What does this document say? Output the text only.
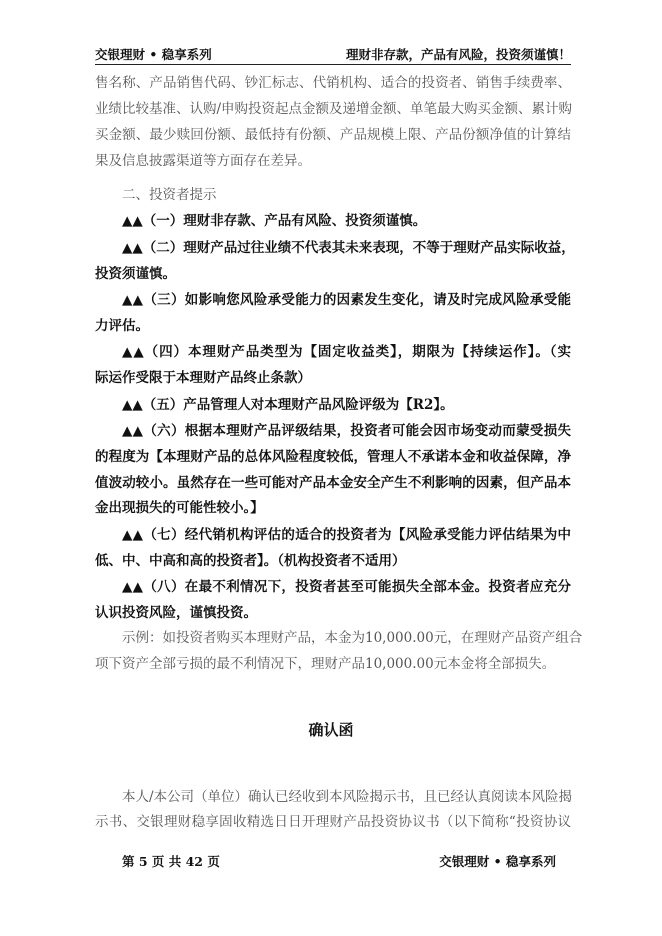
交银理财 • 稳享系列	理财非存款，产品有风险，投资须谨慎！
售名称、产品销售代码、钞汇标志、代销机构、适合的投资者、销售手续费率、
业绩比较基准、认购/申购投资起点金额及递增金额、单笔最大购买金额、累计购
买金额、最少赎回份额、最低持有份额、产品规模上限、产品份额净值的计算结
果及信息披露渠道等方面存在差异。
二、投资者提示
▲▲（一）理财非存款、产品有风险、投资须谨慎。
▲▲（二）理财产品过往业绩不代表其未来表现，不等于理财产品实际收益，
投资须谨慎。
▲▲（三）如影响您风险承受能力的因素发生变化，请及时完成风险承受能
力评估。
▲▲（四）本理财产品类型为【固定收益类】，期限为【持续运作】。（实
际运作受限于本理财产品终止条款）
▲▲（五）产品管理人对本理财产品风险评级为【R2】。
▲▲（六）根据本理财产品评级结果，投资者可能会因市场变动而蒙受损失
的程度为【本理财产品的总体风险程度较低，管理人不承诺本金和收益保障，净
值波动较小。虽然存在一些可能对产品本金安全产生不利影响的因素，但产品本
金出现损失的可能性较小。】
▲▲（七）经代销机构评估的适合的投资者为【风险承受能力评估结果为中
低、中、中高和高的投资者】。（机构投资者不适用）
▲▲（八）在最不利情况下，投资者甚至可能损失全部本金。投资者应充分
认识投资风险，谨慎投资。
示例：如投资者购买本理财产品，本金为10,000.00元，在理财产品资产组合
项下资产全部亏损的最不利情况下，理财产品10,000.00元本金将全部损失。
确认函
本人/本公司（单位）确认已经收到本风险揭示书，且已经认真阅读本风险揭
示书、交银理财稳享固收精选日日开理财产品投资协议书（以下简称“投资协议
第 5 页 共 42 页	交银理财 • 稳享系列
